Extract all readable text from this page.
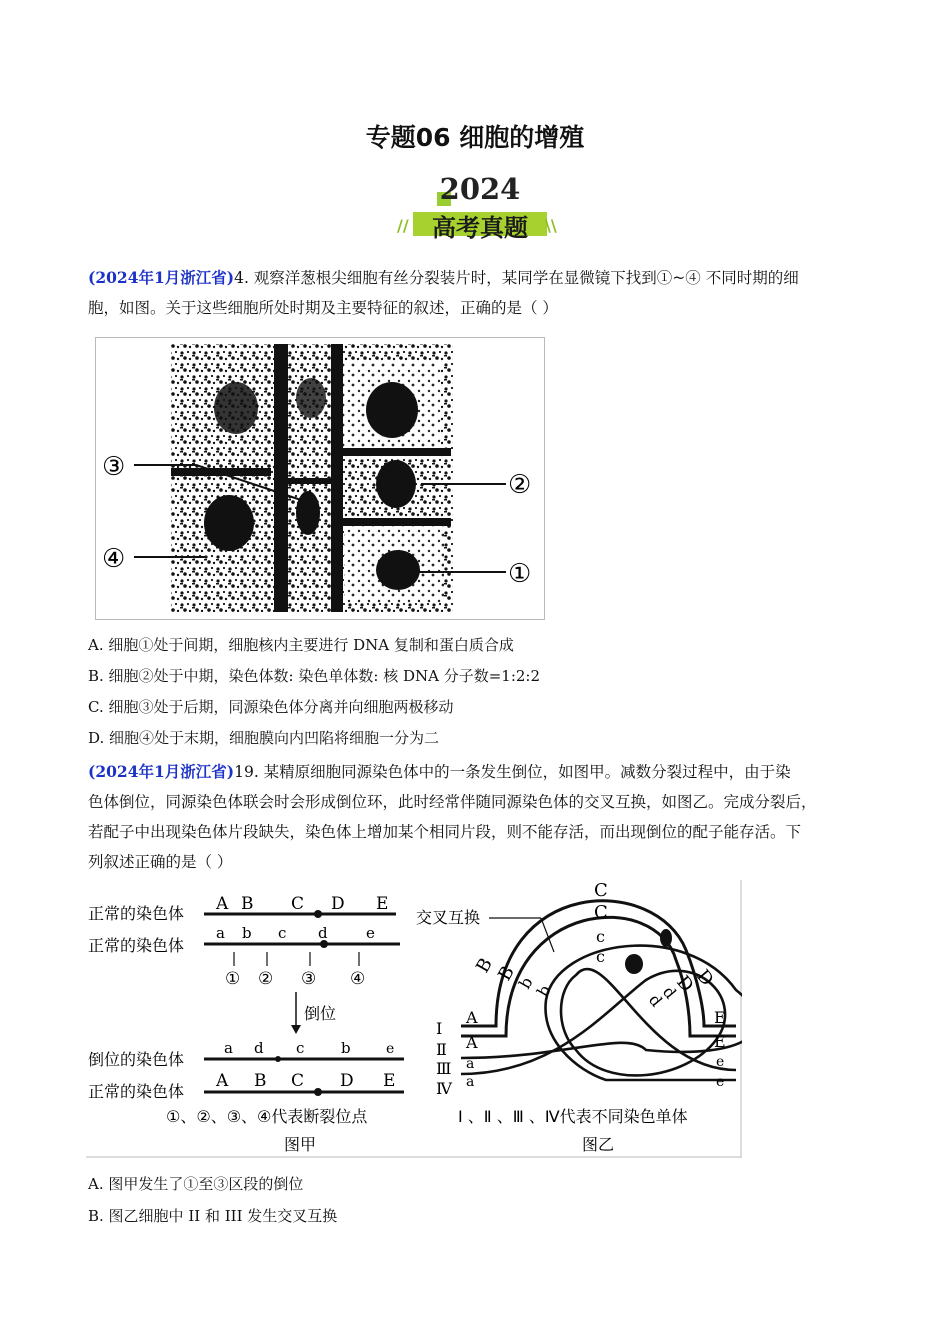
专题06 细胞的增殖
2024
//	\\
高考真题
(2024年1月浙江省)4. 观察洋葱根尖细胞有丝分裂装片时，某同学在显微镜下找到①~④ 不同时期的细
胞，如图。关于这些细胞所处时期及主要特征的叙述，正确的是（ ）
③
②
④	①
A. 细胞①处于间期，细胞核内主要进行 DNA 复制和蛋白质合成
B. 细胞②处于中期，染色体数: 染色单体数: 核 DNA 分子数=1:2:2
C. 细胞③处于后期，同源染色体分离并向细胞两极移动
D. 细胞④处于末期，细胞膜向内凹陷将细胞一分为二
(2024年1月浙江省)19. 某精原细胞同源染色体中的一条发生倒位，如图甲。减数分裂过程中，由于染
色体倒位，同源染色体联会时会形成倒位环，此时经常伴随同源染色体的交叉互换，如图乙。完成分裂后，
若配子中出现染色体片段缺失，染色体上增加某个相同片段，则不能存活，而出现倒位的配子能存活。下
列叙述正确的是（ ）
正常的染色体 A B C D E
正常的染色体
a b c d	e
① ② ③ ④
倒位
倒位的染色体
a d c b	e
正常的染色体
A B C D E
①、②、③、④代表断裂位点
图甲
交叉互换
C
C
c
c
B
B
b
b
D
D
d
d
Ⅰ
Ⅱ
Ⅲ
Ⅳ
A
A
a
a
E
E
e
e
Ⅰ 、Ⅱ 、Ⅲ 、Ⅳ代表不同染色单体
图乙
A. 图甲发生了①至③区段的倒位
B. 图乙细胞中 II 和 III 发生交叉互换
